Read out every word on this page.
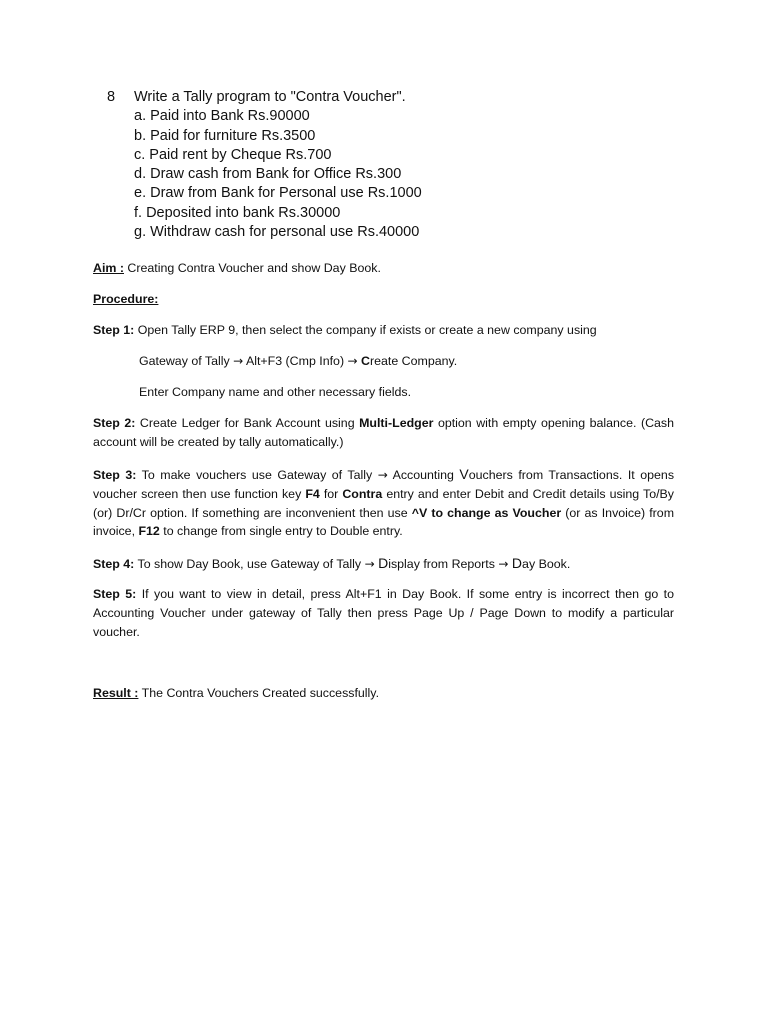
8 Write a Tally program to "Contra Voucher".
a. Paid into Bank Rs.90000
b. Paid for furniture Rs.3500
c. Paid rent by Cheque Rs.700
d. Draw cash from Bank for Office Rs.300
e. Draw from Bank for Personal use Rs.1000
f. Deposited into bank Rs.30000
g. Withdraw cash for personal use Rs.40000
Aim : Creating Contra Voucher and show Day Book.
Procedure:
Step 1: Open Tally ERP 9, then select the company if exists or create a new company using
Gateway of Tally → Alt+F3 (Cmp Info) → Create Company.
Enter Company name and other necessary fields.
Step 2: Create Ledger for Bank Account using Multi-Ledger option with empty opening balance. (Cash account will be created by tally automatically.)
Step 3: To make vouchers use Gateway of Tally → Accounting Vouchers from Transactions. It opens voucher screen then use function key F4 for Contra entry and enter Debit and Credit details using To/By (or) Dr/Cr option. If something are inconvenient then use ^V to change as Voucher (or as Invoice) from invoice, F12 to change from single entry to Double entry.
Step 4: To show Day Book, use Gateway of Tally → Display from Reports → Day Book.
Step 5: If you want to view in detail, press Alt+F1 in Day Book. If some entry is incorrect then go to Accounting Voucher under gateway of Tally then press Page Up / Page Down to modify a particular voucher.
Result : The Contra Vouchers Created successfully.
